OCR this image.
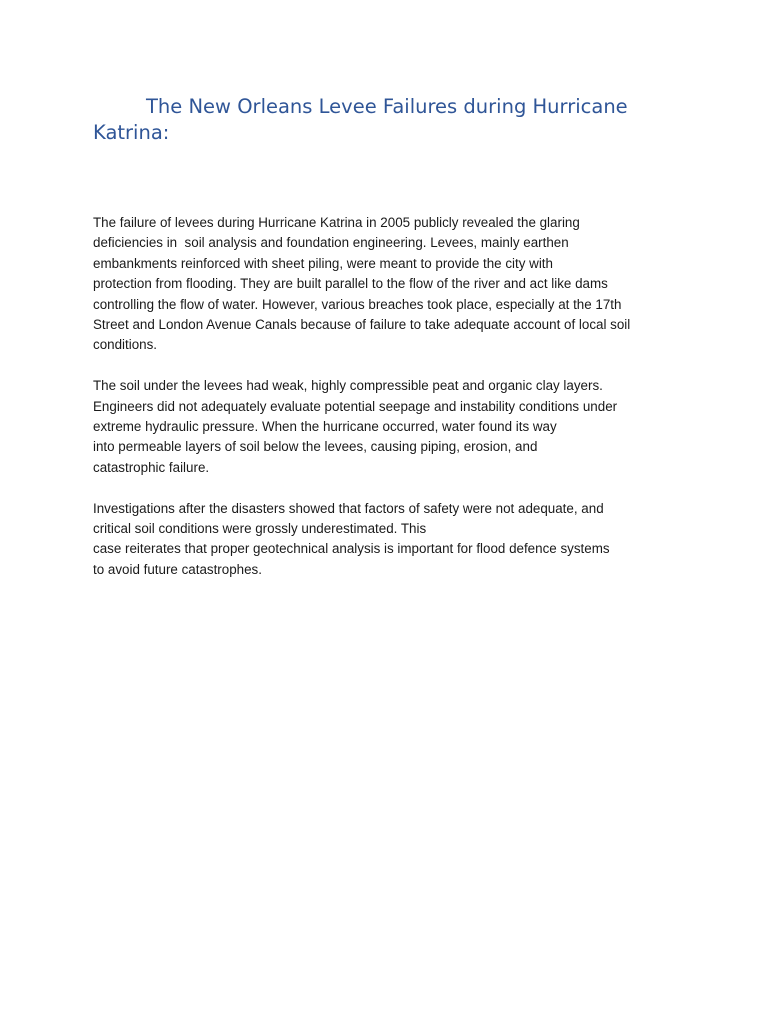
The New Orleans Levee Failures during Hurricane
Katrina:

The failure of levees during Hurricane Katrina in 2005 publicly revealed the glaring
deficiencies in  soil analysis and foundation engineering. Levees, mainly earthen
embankments reinforced with sheet piling, were meant to provide the city with
protection from flooding. They are built parallel to the flow of the river and act like dams
controlling the flow of water. However, various breaches took place, especially at the 17th
Street and London Avenue Canals because of failure to take adequate account of local soil
conditions.

The soil under the levees had weak, highly compressible peat and organic clay layers.
Engineers did not adequately evaluate potential seepage and instability conditions under
extreme hydraulic pressure. When the hurricane occurred, water found its way
into permeable layers of soil below the levees, causing piping, erosion, and
catastrophic failure.

Investigations after the disasters showed that factors of safety were not adequate, and
critical soil conditions were grossly underestimated. This
case reiterates that proper geotechnical analysis is important for flood defence systems
to avoid future catastrophes.
